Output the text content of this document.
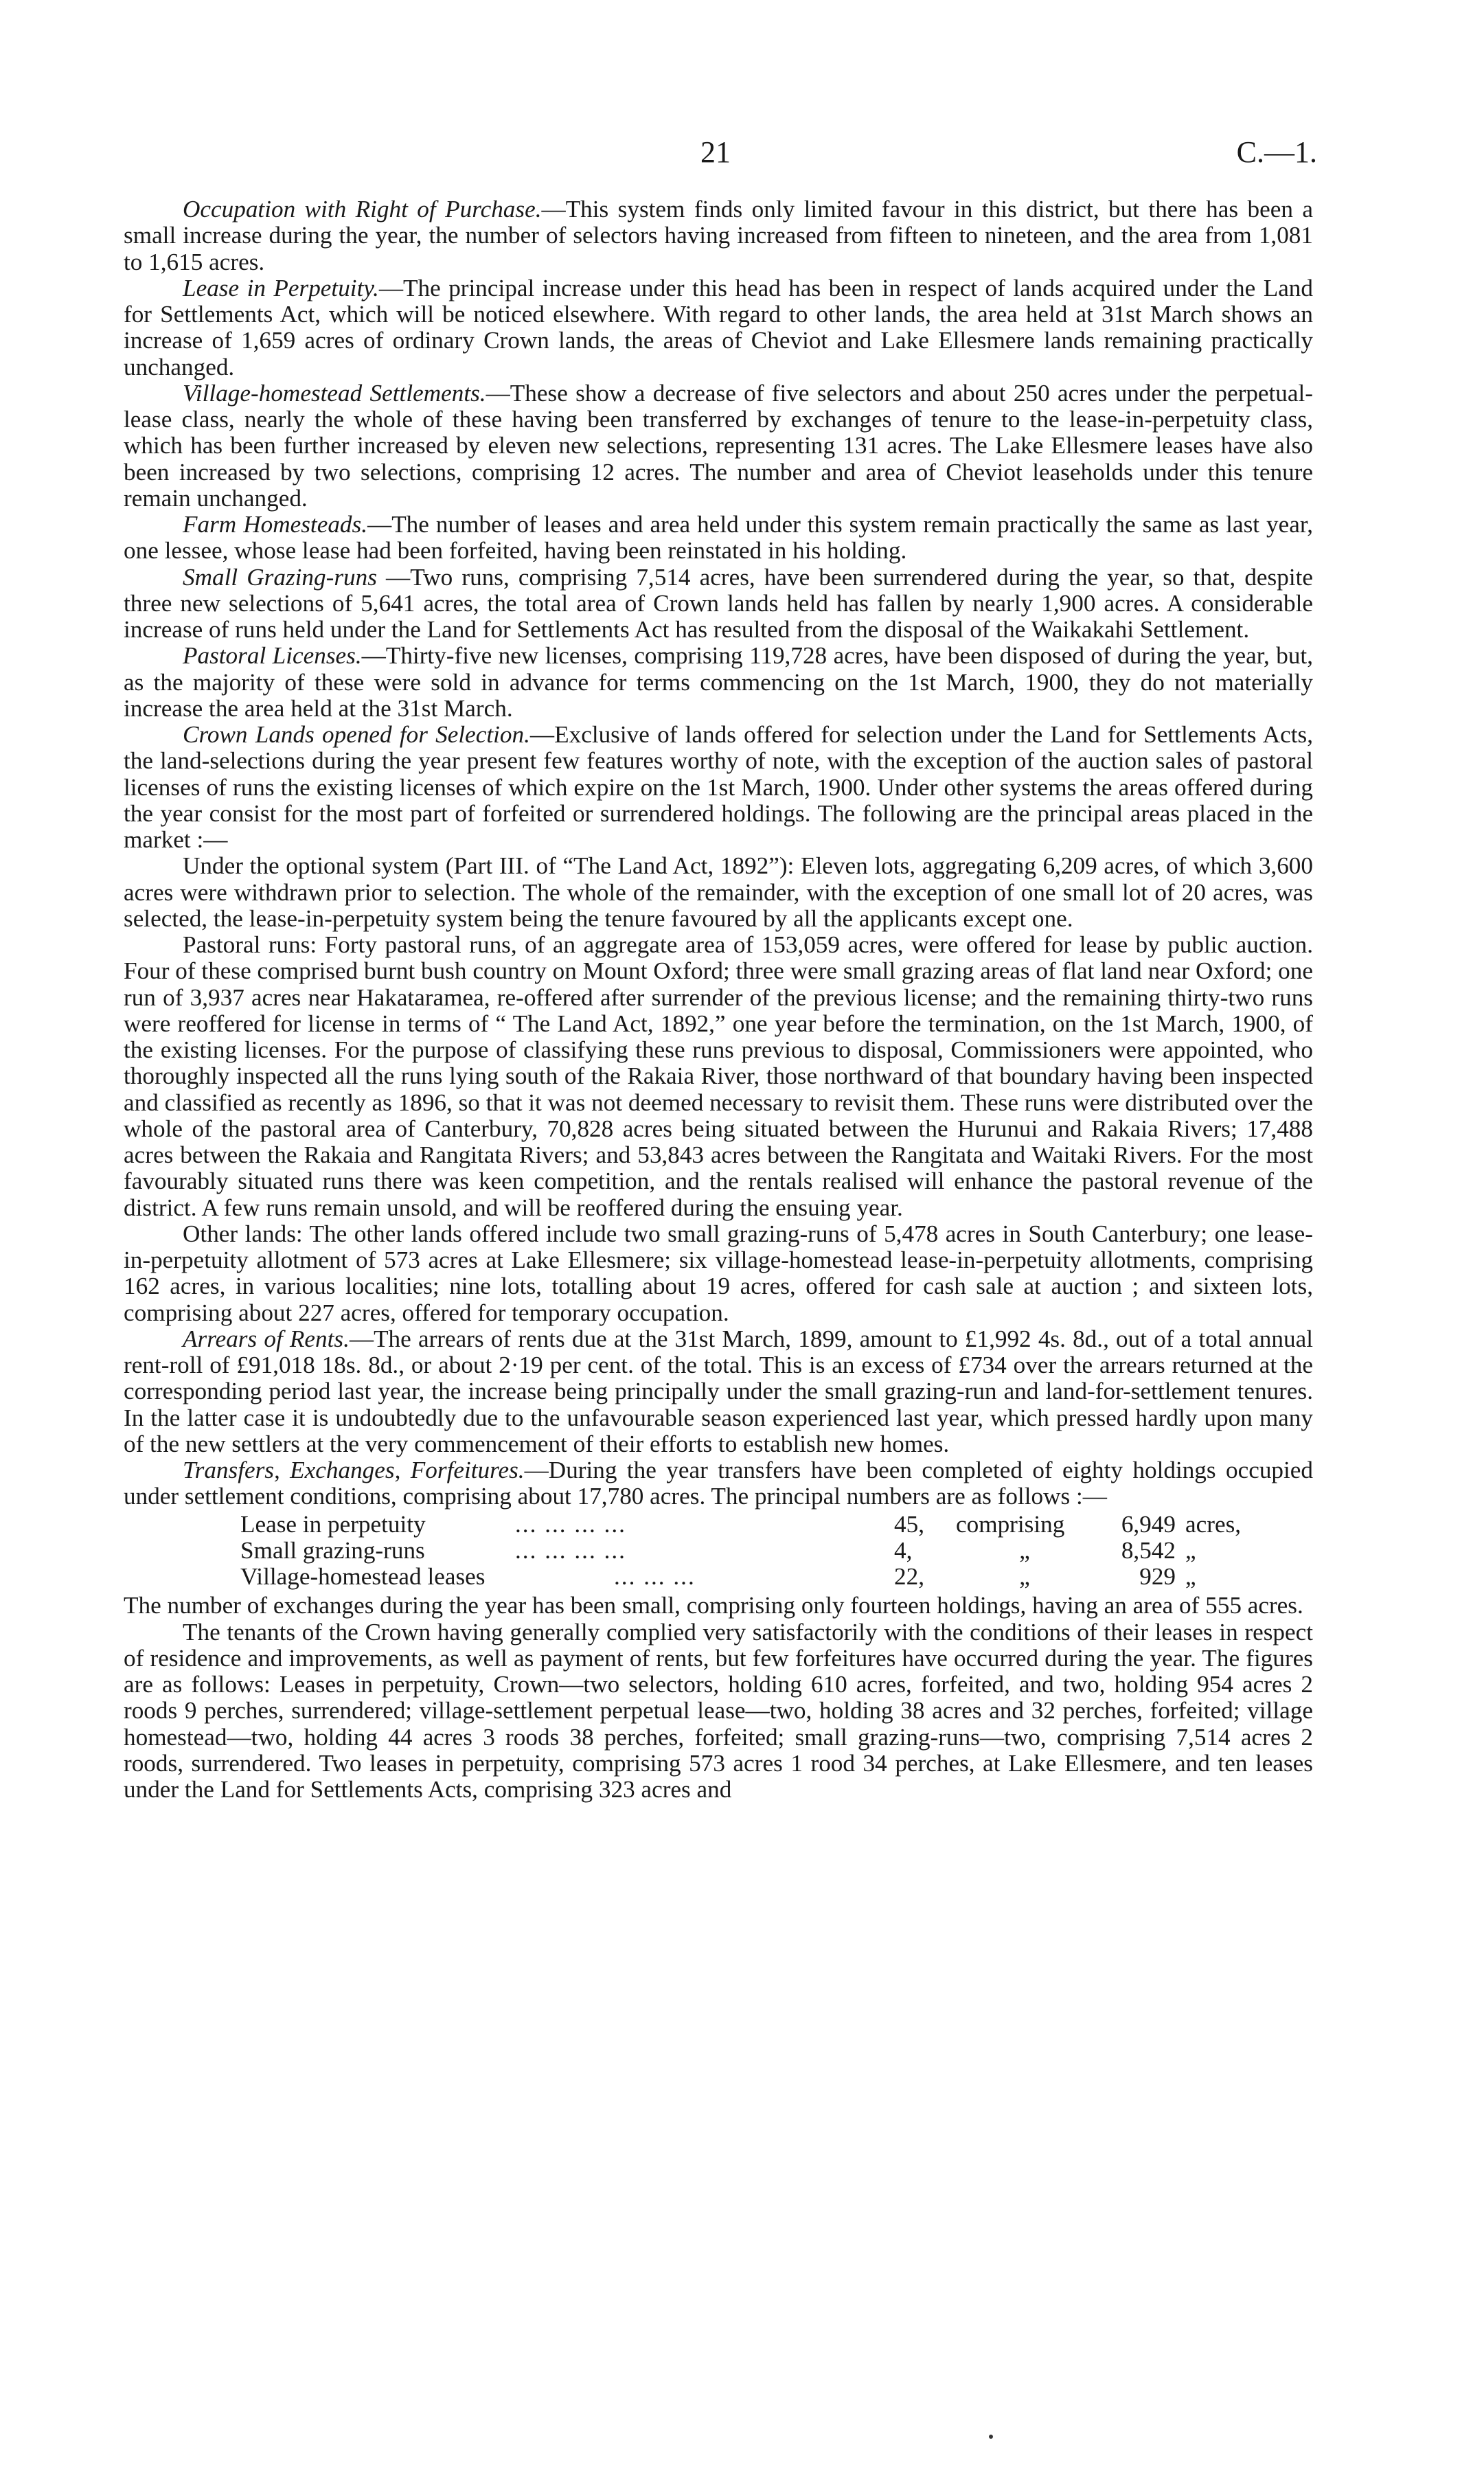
21	C.—1.

Occupation with Right of Purchase.—This system finds only limited favour in this district, but there has been a small increase during the year, the number of selectors having increased from fifteen to nineteen, and the area from 1,081 to 1,615 acres.

Lease in Perpetuity.—The principal increase under this head has been in respect of lands acquired under the Land for Settlements Act, which will be noticed elsewhere. With regard to other lands, the area held at 31st March shows an increase of 1,659 acres of ordinary Crown lands, the areas of Cheviot and Lake Ellesmere lands remaining practically unchanged.

Village-homestead Settlements.—These show a decrease of five selectors and about 250 acres under the perpetual-lease class, nearly the whole of these having been transferred by exchanges of tenure to the lease-in-perpetuity class, which has been further increased by eleven new selections, representing 131 acres. The Lake Ellesmere leases have also been increased by two selections, comprising 12 acres. The number and area of Cheviot leaseholds under this tenure remain unchanged.

Farm Homesteads.—The number of leases and area held under this system remain practically the same as last year, one lessee, whose lease had been forfeited, having been reinstated in his holding.

Small Grazing-runs —Two runs, comprising 7,514 acres, have been surrendered during the year, so that, despite three new selections of 5,641 acres, the total area of Crown lands held has fallen by nearly 1,900 acres. A considerable increase of runs held under the Land for Settlements Act has resulted from the disposal of the Waikakahi Settlement.

Pastoral Licenses.—Thirty-five new licenses, comprising 119,728 acres, have been disposed of during the year, but, as the majority of these were sold in advance for terms commencing on the 1st March, 1900, they do not materially increase the area held at the 31st March.

Crown Lands opened for Selection.—Exclusive of lands offered for selection under the Land for Settlements Acts, the land-selections during the year present few features worthy of note, with the exception of the auction sales of pastoral licenses of runs the existing licenses of which expire on the 1st March, 1900. Under other systems the areas offered during the year consist for the most part of forfeited or surrendered holdings. The following are the principal areas placed in the market :—

Under the optional system (Part III. of “The Land Act, 1892”): Eleven lots, aggregating 6,209 acres, of which 3,600 acres were withdrawn prior to selection. The whole of the remainder, with the exception of one small lot of 20 acres, was selected, the lease-in-perpetuity system being the tenure favoured by all the applicants except one.

Pastoral runs: Forty pastoral runs, of an aggregate area of 153,059 acres, were offered for lease by public auction. Four of these comprised burnt bush country on Mount Oxford; three were small grazing areas of flat land near Oxford; one run of 3,937 acres near Hakataramea, re-offered after surrender of the previous license; and the remaining thirty-two runs were reoffered for license in terms of “ The Land Act, 1892,” one year before the termination, on the 1st March, 1900, of the existing licenses. For the purpose of classifying these runs previous to disposal, Commissioners were appointed, who thoroughly inspected all the runs lying south of the Rakaia River, those northward of that boundary having been inspected and classified as recently as 1896, so that it was not deemed necessary to revisit them. These runs were distributed over the whole of the pastoral area of Canterbury, 70,828 acres being situated between the Hurunui and Rakaia Rivers; 17,488 acres between the Rakaia and Rangitata Rivers; and 53,843 acres between the Rangitata and Waitaki Rivers. For the most favourably situated runs there was keen competition, and the rentals realised will enhance the pastoral revenue of the district. A few runs remain unsold, and will be reoffered during the ensuing year.

Other lands: The other lands offered include two small grazing-runs of 5,478 acres in South Canterbury; one lease-in-perpetuity allotment of 573 acres at Lake Ellesmere; six village-homestead lease-in-perpetuity allotments, comprising 162 acres, in various localities; nine lots, totalling about 19 acres, offered for cash sale at auction ; and sixteen lots, comprising about 227 acres, offered for temporary occupation.

Arrears of Rents.—The arrears of rents due at the 31st March, 1899, amount to £1,992 4s. 8d., out of a total annual rent-roll of £91,018 18s. 8d., or about 2·19 per cent. of the total. This is an excess of £734 over the arrears returned at the corresponding period last year, the increase being principally under the small grazing-run and land-for-settlement tenures. In the latter case it is undoubtedly due to the unfavourable season experienced last year, which pressed hardly upon many of the new settlers at the very commencement of their efforts to establish new homes.

Transfers, Exchanges, Forfeitures.—During the year transfers have been completed of eighty holdings occupied under settlement conditions, comprising about 17,780 acres. The principal numbers are as follows :—

Lease in perpetuity	... ... ... ...	45,	comprising	6,949 acres,
Small grazing-runs	... ... ... ...	4,	„	8,542 „
Village-homestead leases	... ... ...	22,	„	929 „

The number of exchanges during the year has been small, comprising only fourteen holdings, having an area of 555 acres.

The tenants of the Crown having generally complied very satisfactorily with the conditions of their leases in respect of residence and improvements, as well as payment of rents, but few forfeitures have occurred during the year. The figures are as follows: Leases in perpetuity, Crown—two selectors, holding 610 acres, forfeited, and two, holding 954 acres 2 roods 9 perches, surrendered; village-settlement perpetual lease—two, holding 38 acres and 32 perches, forfeited; village homestead—two, holding 44 acres 3 roods 38 perches, forfeited; small grazing-runs—two, comprising 7,514 acres 2 roods, surrendered. Two leases in perpetuity, comprising 573 acres 1 rood 34 perches, at Lake Ellesmere, and ten leases under the Land for Settlements Acts, comprising 323 acres and
